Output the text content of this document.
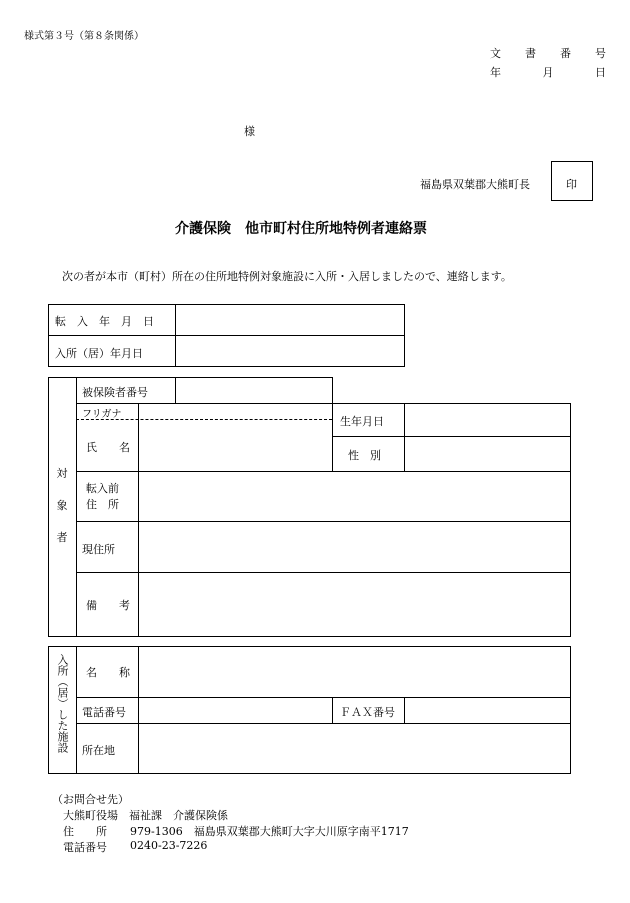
様式第３号（第８条関係）
文 書 番 号
年	月	日
様
福島県双葉郡大熊町長	印
介護保険　他市町村住所地特例者連絡票
次の者が本市（町村）所在の住所地特例対象施設に入所・入居しましたので、連絡します。
転　入　年　月　日
入所（居）年月日
対
象
者
被保険者番号
フリガナ
氏　　名
生年月日
性　別
転入前
住　所
現住所
備　　考
入所（居）した施設 名　　称
電話番号	ＦＡＸ番号
所在地
（お問合せ先）
大熊町役場　福祉課　介護保険係
住　　所 979-1306　福島県双葉郡大熊町大字大川原字南平1717
電話番号 0240-23-7226
